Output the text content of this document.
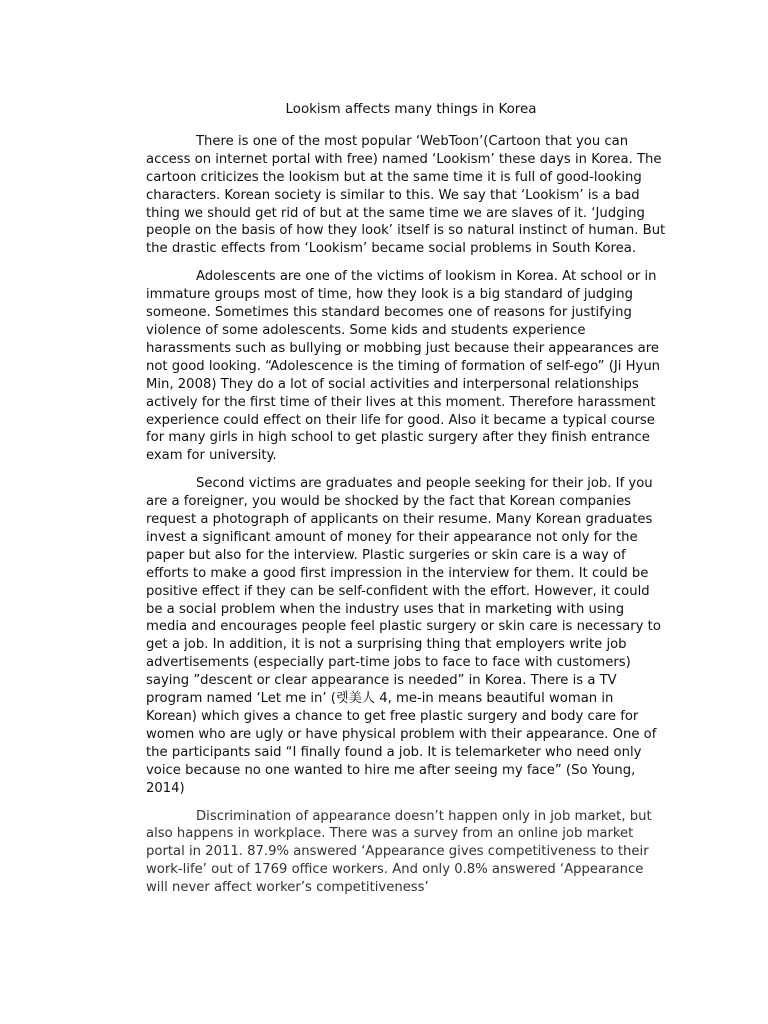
Lookism affects many things in Korea

There is one of the most popular ‘WebToon’(Cartoon that you can access on internet portal with free) named ‘Lookism’ these days in Korea. The cartoon criticizes the lookism but at the same time it is full of good-looking characters. Korean society is similar to this. We say that ‘Lookism’ is a bad thing we should get rid of but at the same time we are slaves of it. ‘Judging people on the basis of how they look’ itself is so natural instinct of human. But the drastic effects from ‘Lookism’ became social problems in South Korea.

Adolescents are one of the victims of lookism in Korea. At school or in immature groups most of time, how they look is a big standard of judging someone. Sometimes this standard becomes one of reasons for justifying violence of some adolescents. Some kids and students experience harassments such as bullying or mobbing just because their appearances are not good looking. “Adolescence is the timing of formation of self-ego” (Ji Hyun Min, 2008) They do a lot of social activities and interpersonal relationships actively for the first time of their lives at this moment. Therefore harassment experience could effect on their life for good. Also it became a typical course for many girls in high school to get plastic surgery after they finish entrance exam for university.

Second victims are graduates and people seeking for their job. If you are a foreigner, you would be shocked by the fact that Korean companies request a photograph of applicants on their resume. Many Korean graduates invest a significant amount of money for their appearance not only for the paper but also for the interview. Plastic surgeries or skin care is a way of efforts to make a good first impression in the interview for them. It could be positive effect if they can be self-confident with the effort. However, it could be a social problem when the industry uses that in marketing with using media and encourages people feel plastic surgery or skin care is necessary to get a job. In addition, it is not a surprising thing that employers write job advertisements (especially part-time jobs to face to face with customers) saying ”descent or clear appearance is needed” in Korea. There is a TV program named ‘Let me in’ (렛美人 4, me-in means beautiful woman in Korean) which gives a chance to get free plastic surgery and body care for women who are ugly or have physical problem with their appearance. One of the participants said “I finally found a job. It is telemarketer who need only voice because no one wanted to hire me after seeing my face” (So Young, 2014)

Discrimination of appearance doesn’t happen only in job market, but also happens in workplace. There was a survey from an online job market portal in 2011. 87.9% answered ‘Appearance gives competitiveness to their work-life’ out of 1769 office workers. And only 0.8% answered ‘Appearance will never affect worker’s competitiveness’
